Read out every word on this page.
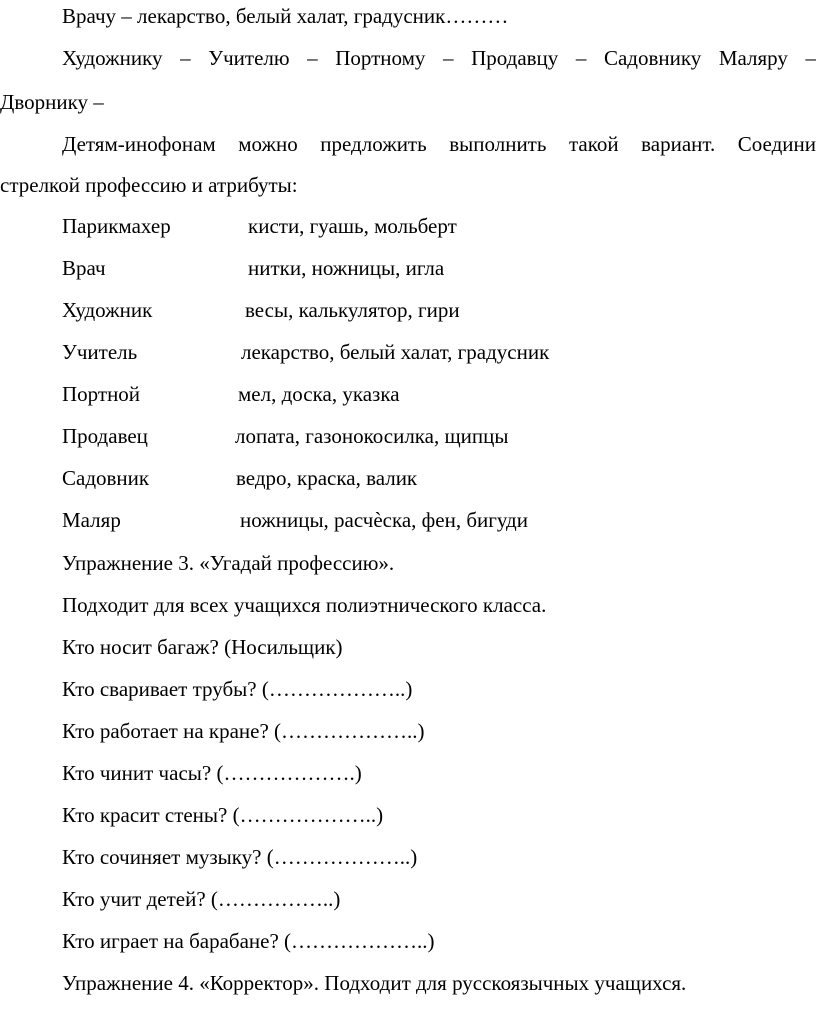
Врачу – лекарство, белый халат, градусник………
Художнику – Учителю – Портному – Продавцу – Садовнику Маляру –
Дворнику –
Детям-инофонам можно предложить выполнить такой вариант. Соедини
стрелкой профессию и атрибуты:
Парикмахер	кисти, гуашь, мольберт
Врач	нитки, ножницы, игла
Художник	весы, калькулятор, гири
Учитель	лекарство, белый халат, градусник
Портной	мел, доска, указка
Продавец	лопата, газонокосилка, щипцы
Садовник	ведро, краска, валик
Маляр	ножницы, расчѐска, фен, бигуди
Упражнение 3. «Угадай профессию».
Подходит для всех учащихся полиэтнического класса.
Кто носит багаж? (Носильщик)
Кто сваривает трубы? (………………..)
Кто работает на кране? (………………..)
Кто чинит часы? (……………….)
Кто красит стены? (………………..)
Кто сочиняет музыку? (………………..)
Кто учит детей? (……………..)
Кто играет на барабане? (………………..)
Упражнение 4. «Корректор». Подходит для русскоязычных учащихся.
